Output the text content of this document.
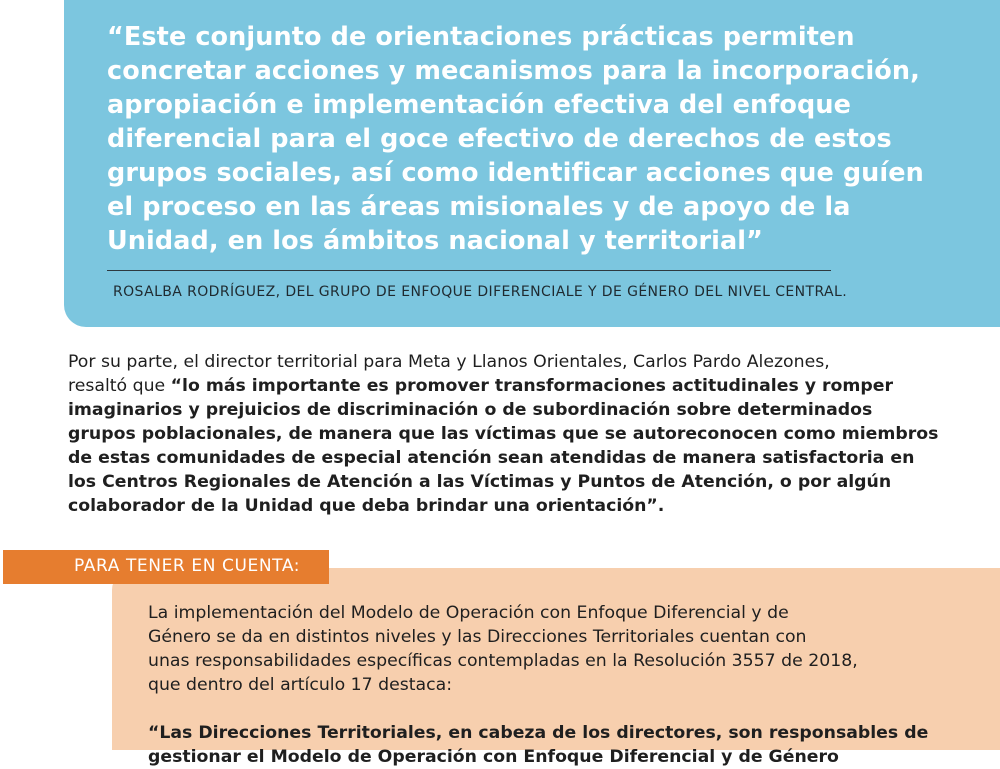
“Este conjunto de orientaciones prácticas permiten
concretar acciones y mecanismos para la incorporación,
apropiación e implementación efectiva del enfoque
diferencial para el goce efectivo de derechos de estos
grupos sociales, así como identificar acciones que guíen
el proceso en las áreas misionales y de apoyo de la
Unidad, en los ámbitos nacional y territorial”
ROSALBA RODRÍGUEZ, DEL GRUPO DE ENFOQUE DIFERENCIALE Y DE GÉNERO DEL NIVEL CENTRAL.
Por su parte, el director territorial para Meta y Llanos Orientales, Carlos Pardo Alezones,
resaltó que “lo más importante es promover transformaciones actitudinales y romper
imaginarios y prejuicios de discriminación o de subordinación sobre determinados
grupos poblacionales, de manera que las víctimas que se autoreconocen como miembros
de estas comunidades de especial atención sean atendidas de manera satisfactoria en
los Centros Regionales de Atención a las Víctimas y Puntos de Atención, o por algún
colaborador de la Unidad que deba brindar una orientación”.
PARA TENER EN CUENTA:
La implementación del Modelo de Operación con Enfoque Diferencial y de
Género se da en distintos niveles y las Direcciones Territoriales cuentan con
unas responsabilidades específicas contempladas en la Resolución 3557 de 2018,
que dentro del artículo 17 destaca:
“Las Direcciones Territoriales, en cabeza de los directores, son responsables de
gestionar el Modelo de Operación con Enfoque Diferencial y de Género
